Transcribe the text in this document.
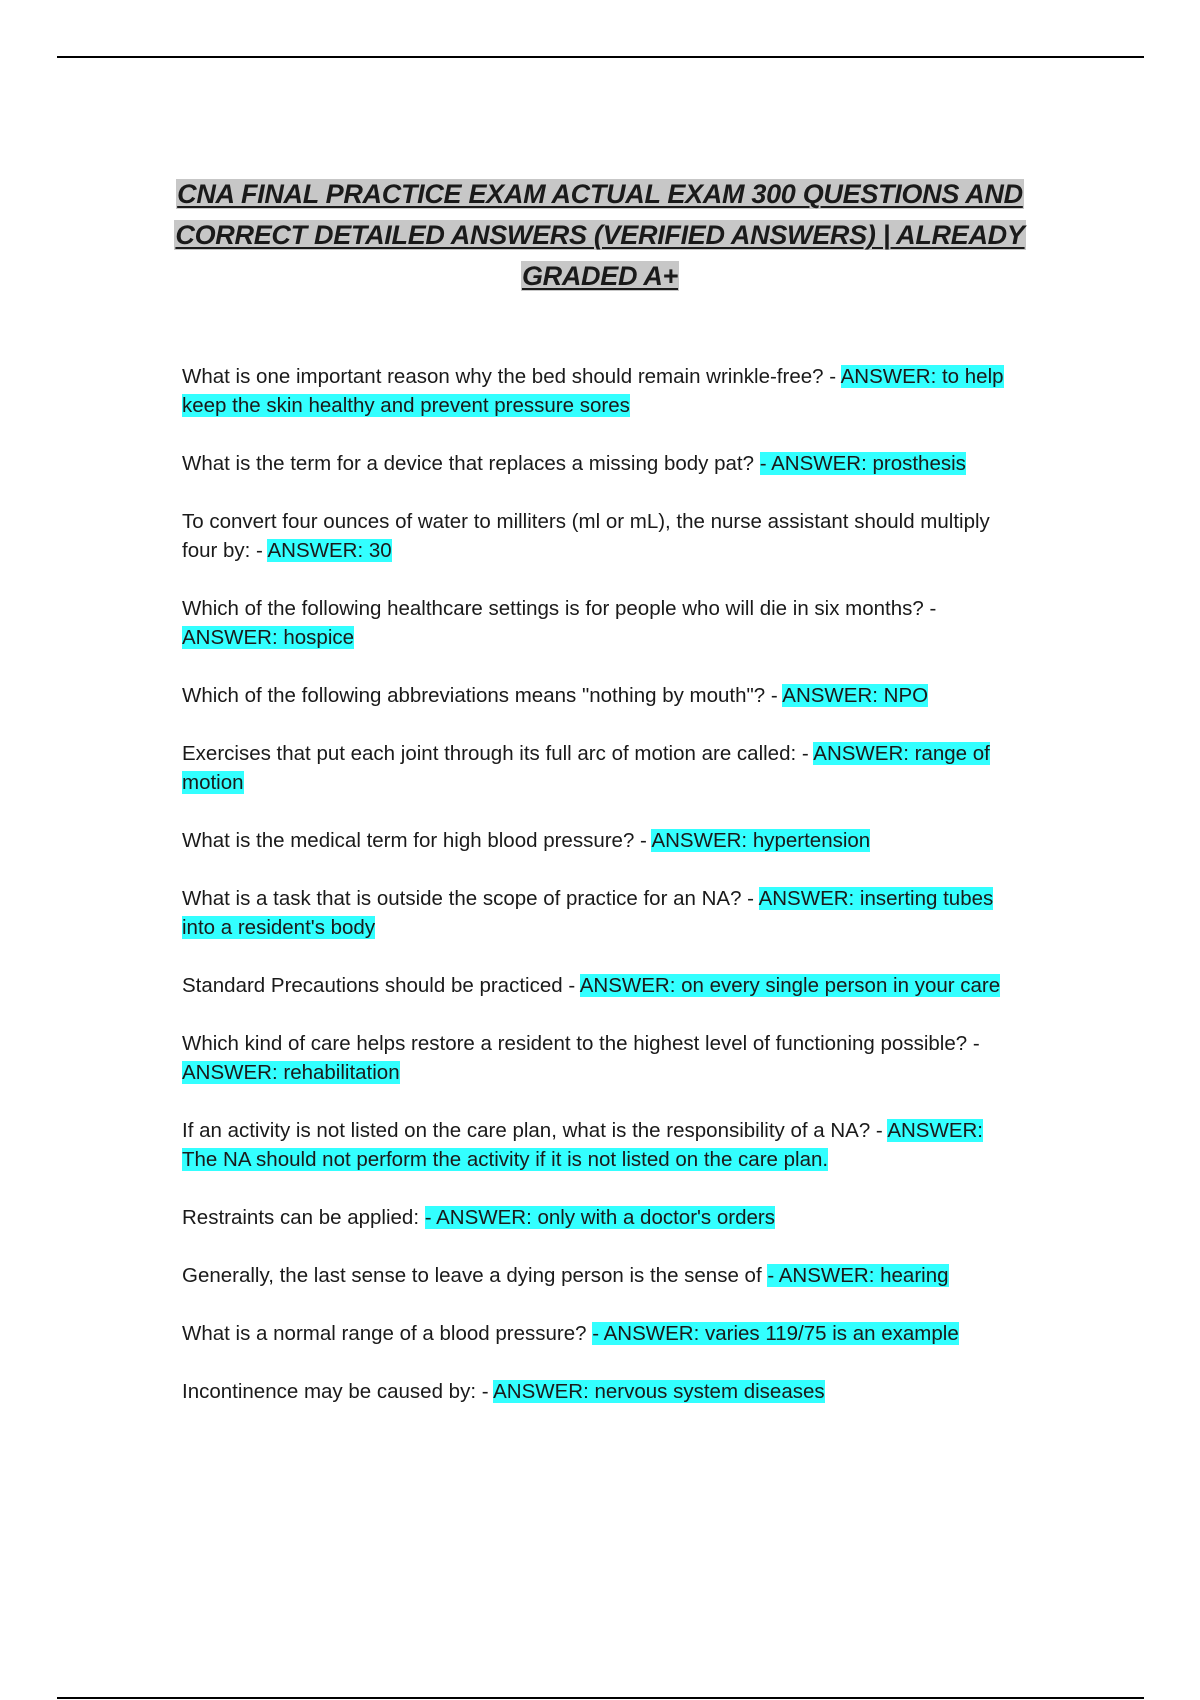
CNA FINAL PRACTICE EXAM ACTUAL EXAM 300 QUESTIONS AND CORRECT DETAILED ANSWERS (VERIFIED ANSWERS) | ALREADY GRADED A+

What is one important reason why the bed should remain wrinkle-free? - ANSWER: to help keep the skin healthy and prevent pressure sores

What is the term for a device that replaces a missing body pat? - ANSWER: prosthesis

To convert four ounces of water to milliters (ml or mL), the nurse assistant should multiply four by: - ANSWER: 30

Which of the following healthcare settings is for people who will die in six months? - ANSWER: hospice

Which of the following abbreviations means "nothing by mouth"? - ANSWER: NPO

Exercises that put each joint through its full arc of motion are called: - ANSWER: range of motion

What is the medical term for high blood pressure? - ANSWER: hypertension

What is a task that is outside the scope of practice for an NA? - ANSWER: inserting tubes into a resident's body

Standard Precautions should be practiced - ANSWER: on every single person in your care

Which kind of care helps restore a resident to the highest level of functioning possible? - ANSWER: rehabilitation

If an activity is not listed on the care plan, what is the responsibility of a NA? - ANSWER: The NA should not perform the activity if it is not listed on the care plan.

Restraints can be applied: - ANSWER: only with a doctor's orders

Generally, the last sense to leave a dying person is the sense of - ANSWER: hearing

What is a normal range of a blood pressure? - ANSWER: varies 119/75 is an example

Incontinence may be caused by: - ANSWER: nervous system diseases
